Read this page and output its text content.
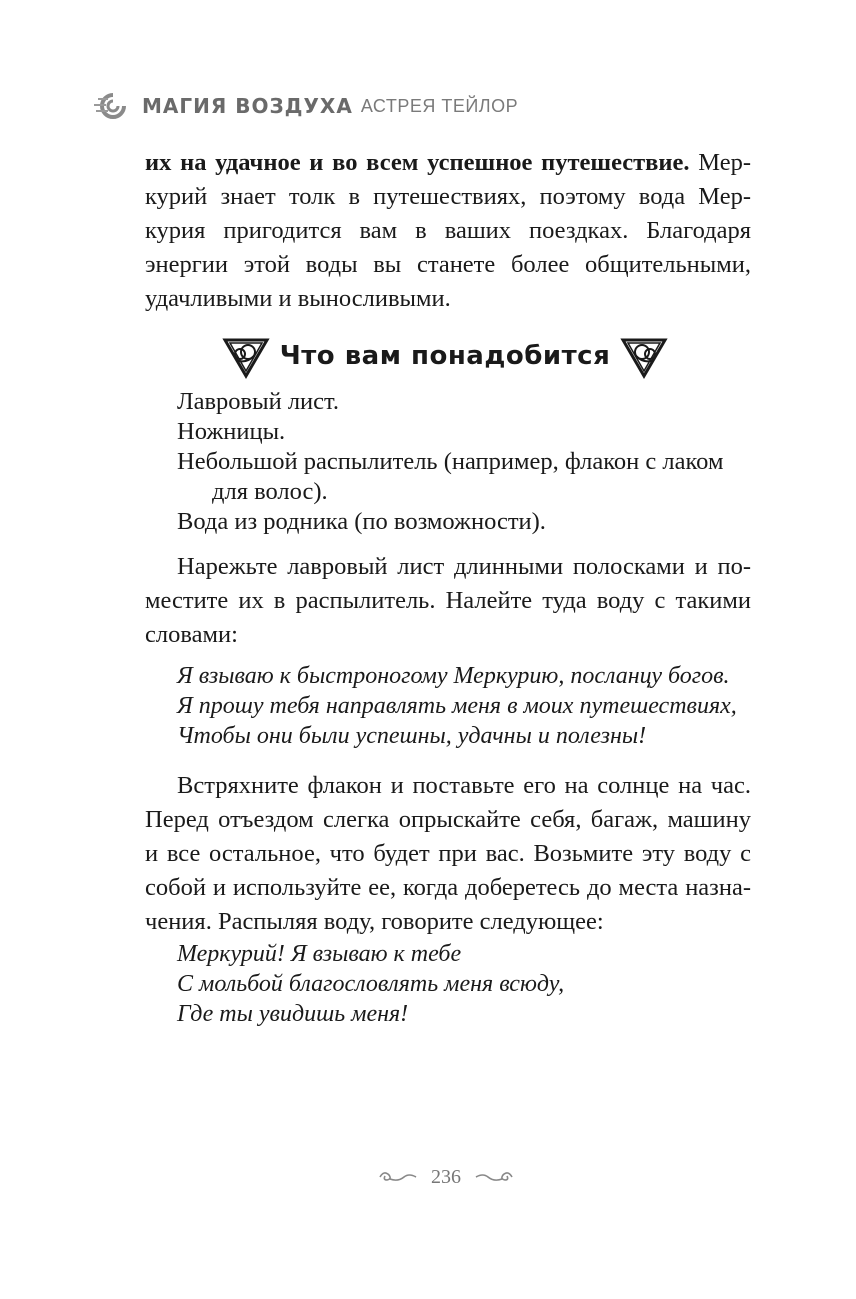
МАГИЯ ВОЗДУХА АСТРЕЯ ТЕЙЛОР

их на удачное и во всем успешное путешествие. Мер-

курий знает толк в путешествиях, поэтому вода Мер-

курия пригодится вам в ваших поездках. Благодаря

энергии этой воды вы станете более общительными,

удачливыми и выносливыми.

Что вам понадобится

Лавровый лист.

Ножницы.

Небольшой распылитель (например, флакон с лаком

для волос).

Вода из родника (по возможности).

Нарежьте лавровый лист длинными полосками и по-

местите их в распылитель. Налейте туда воду с такими

словами:

Я взываю к быстроногому Меркурию, посланцу богов.

Я прошу тебя направлять меня в моих путешествиях,

Чтобы они были успешны, удачны и полезны!

Встряхните флакон и поставьте его на солнце на час.

Перед отъездом слегка опрыскайте себя, багаж, машину

и все остальное, что будет при вас. Возьмите эту воду с

собой и используйте ее, когда доберетесь до места назна-

чения. Распыляя воду, говорите следующее:

Меркурий! Я взываю к тебе

С мольбой благословлять меня всюду,

Где ты увидишь меня!

236
